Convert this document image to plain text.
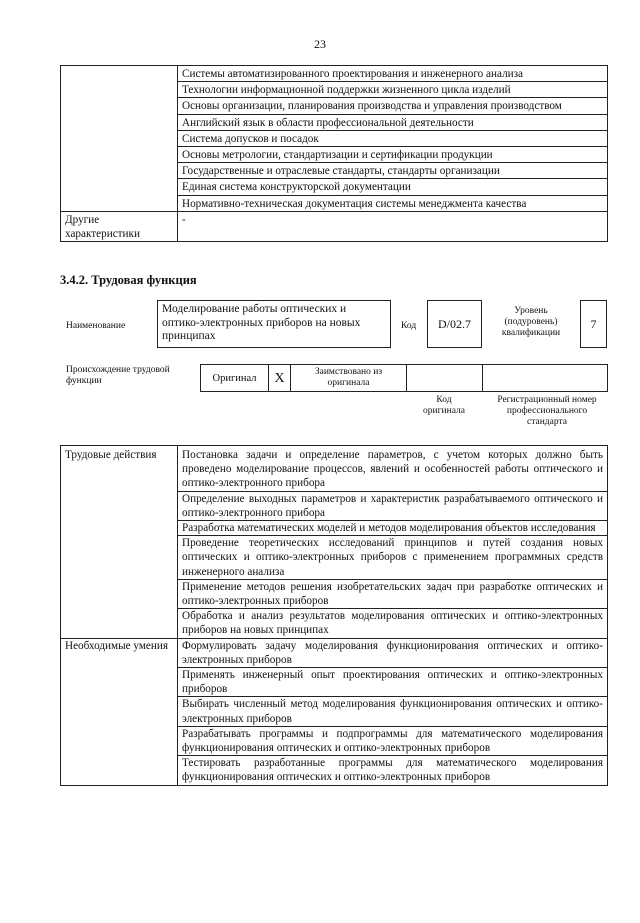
23
	Системы автоматизированного проектирования и инженерного анализа
	Технологии информационной поддержки жизненного цикла изделий
	Основы организации, планирования производства и управления производством
	Английский язык в области профессиональной деятельности
	Система допусков и посадок
	Основы метрологии, стандартизации и сертификации продукции
	Государственные и отраслевые стандарты, стандарты организации
	Единая система конструкторской документации
	Нормативно-техническая документация системы менеджмента качества
Другие характеристики	-
3.4.2. Трудовая функция
Наименование
Моделирование работы оптических и оптико-электронных приборов на новых принципах
Код	D/02.7
Уровень (подуровень) квалификации
7
Происхождение трудовой функции	Оригинал	X	Заимствовано из оригинала		
Код оригинала
Регистрационный номер профессионального стандарта
Трудовые действия	Постановка задачи и определение параметров, с учетом которых должно быть проведено моделирование процессов, явлений и особенностей работы оптического и оптико-электронного прибора
	Определение выходных параметров и характеристик разрабатываемого оптического и оптико-электронного прибора
	Разработка математических моделей и методов моделирования объектов исследования
	Проведение теоретических исследований принципов и путей создания новых оптических и оптико-электронных приборов с применением программных средств инженерного анализа
	Применение методов решения изобретательских задач при разработке оптических и оптико-электронных приборов
	Обработка и анализ результатов моделирования оптических и оптико-электронных приборов на новых принципах
Необходимые умения	Формулировать задачу моделирования функционирования оптических и оптико-электронных приборов
	Применять инженерный опыт проектирования оптических и оптико-электронных приборов
	Выбирать численный метод моделирования функционирования оптических и оптико-электронных приборов
	Разрабатывать программы и подпрограммы для математического моделирования функционирования оптических и оптико-электронных приборов
	Тестировать разработанные программы для математического моделирования функционирования оптических и оптико-электронных приборов
